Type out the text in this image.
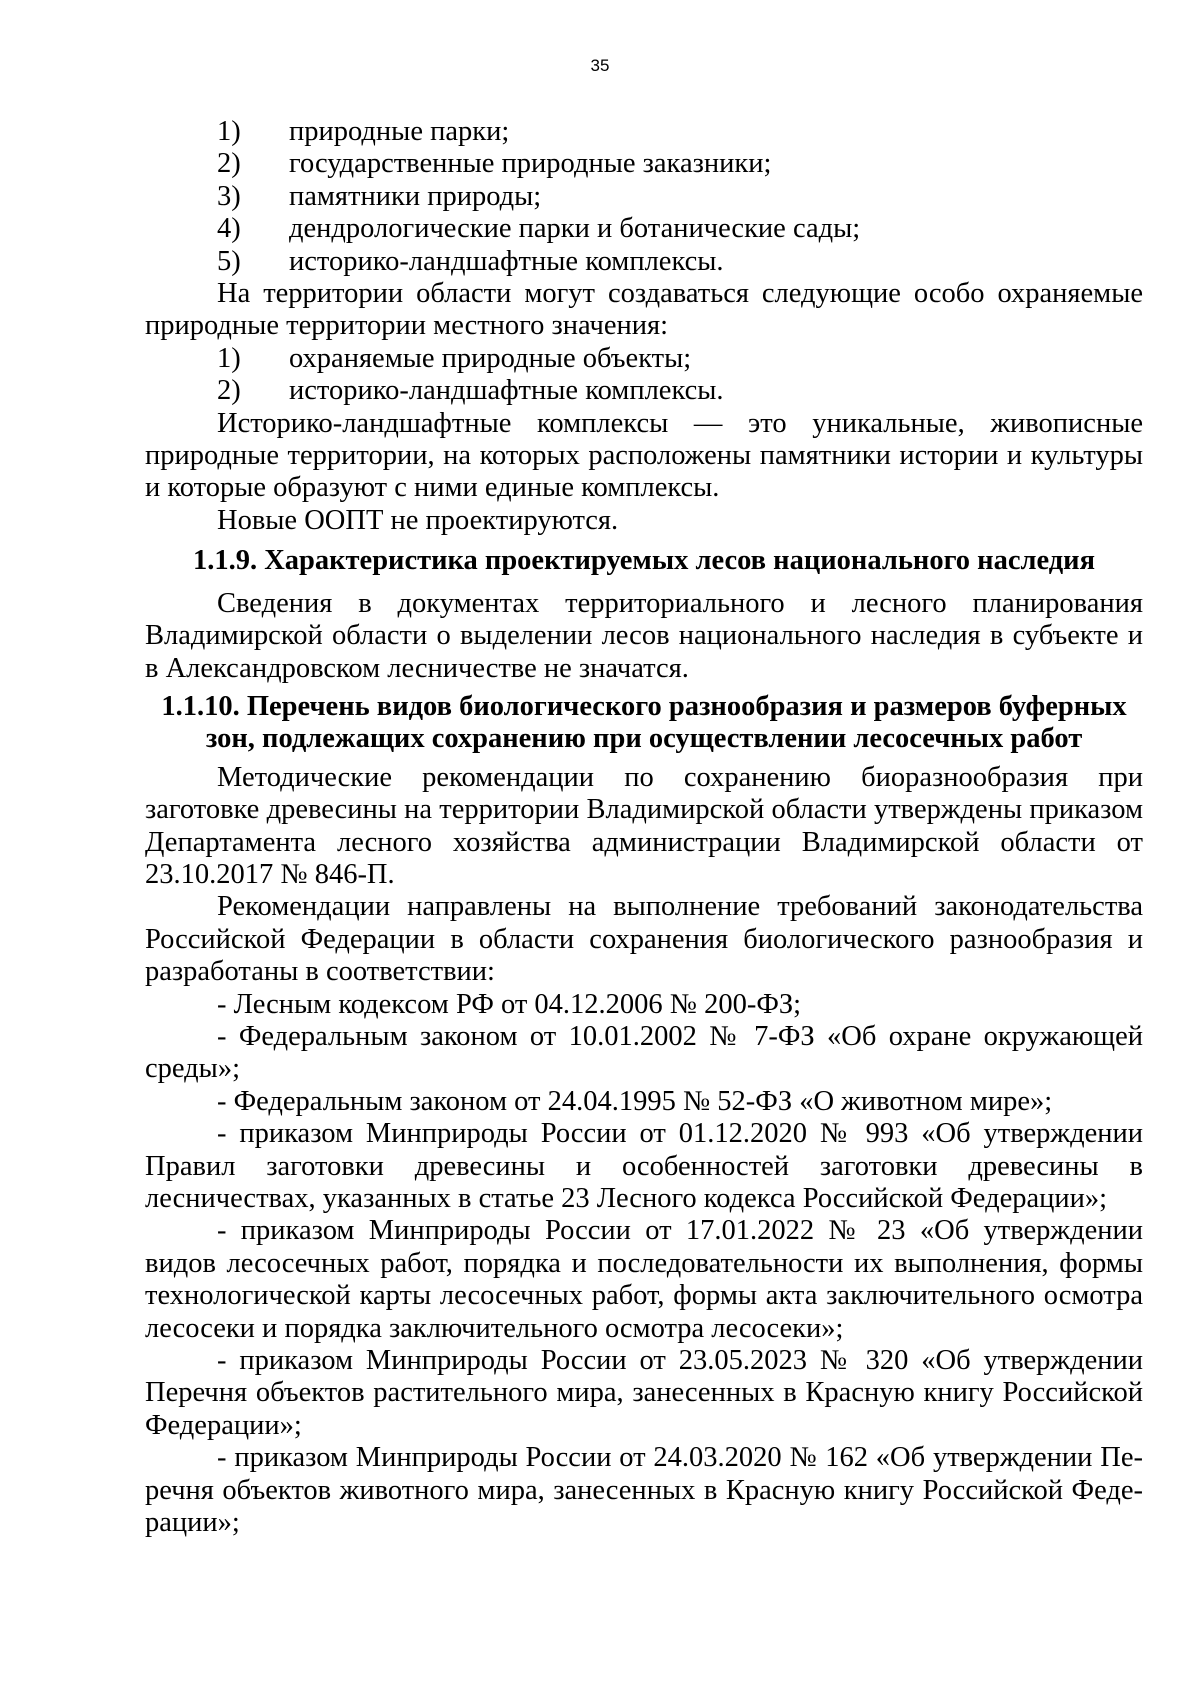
35
1)	природные парки;
2)	государственные природные заказники;
3)	памятники природы;
4)	дендрологические парки и ботанические сады;
5)	историко-ландшафтные комплексы.
На территории области могут создаваться следующие особо охраняемые природные территории местного значения:
1)	охраняемые природные объекты;
2)	историко-ландшафтные комплексы.
Историко-ландшафтные комплексы — это уникальные, живописные природные территории, на которых расположены памятники истории и культуры и которые образуют с ними единые комплексы.
Новые ООПТ не проектируются.
1.1.9. Характеристика проектируемых лесов национального наследия
Сведения в документах территориального и лесного планирования Владимирской области о выделении лесов национального наследия в субъекте и в Александровском лесничестве не значатся.
1.1.10. Перечень видов биологического разнообразия и размеров буферных зон, подлежащих сохранению при осуществлении лесосечных работ
Методические рекомендации по сохранению биоразнообразия при заготовке древесины на территории Владимирской области утверждены приказом Департамента лесного хозяйства администрации Владимирской области от 23.10.2017 № 846-П.
Рекомендации направлены на выполнение требований законодательства Российской Федерации в области сохранения биологического разнообразия и разработаны в соответствии:
- Лесным кодексом РФ от 04.12.2006 № 200-ФЗ;
- Федеральным законом от 10.01.2002 № 7-ФЗ «Об охране окружающей среды»;
- Федеральным законом от 24.04.1995 № 52-ФЗ «О животном мире»;
- приказом Минприроды России от 01.12.2020 № 993 «Об утверждении Правил заготовки древесины и особенностей заготовки древесины в лесничествах, указанных в статье 23 Лесного кодекса Российской Федерации»;
- приказом Минприроды России от 17.01.2022 № 23 «Об утверждении видов лесосечных работ, порядка и последовательности их выполнения, формы технологической карты лесосечных работ, формы акта заключительного осмотра лесосеки и порядка заключительного осмотра лесосеки»;
- приказом Минприроды России от 23.05.2023 № 320 «Об утверждении Перечня объектов растительного мира, занесенных в Красную книгу Российской Федерации»;
- приказом Минприроды России от 24.03.2020 № 162 «Об утверждении Перечня объектов животного мира, занесенных в Красную книгу Российской Федерации»;
